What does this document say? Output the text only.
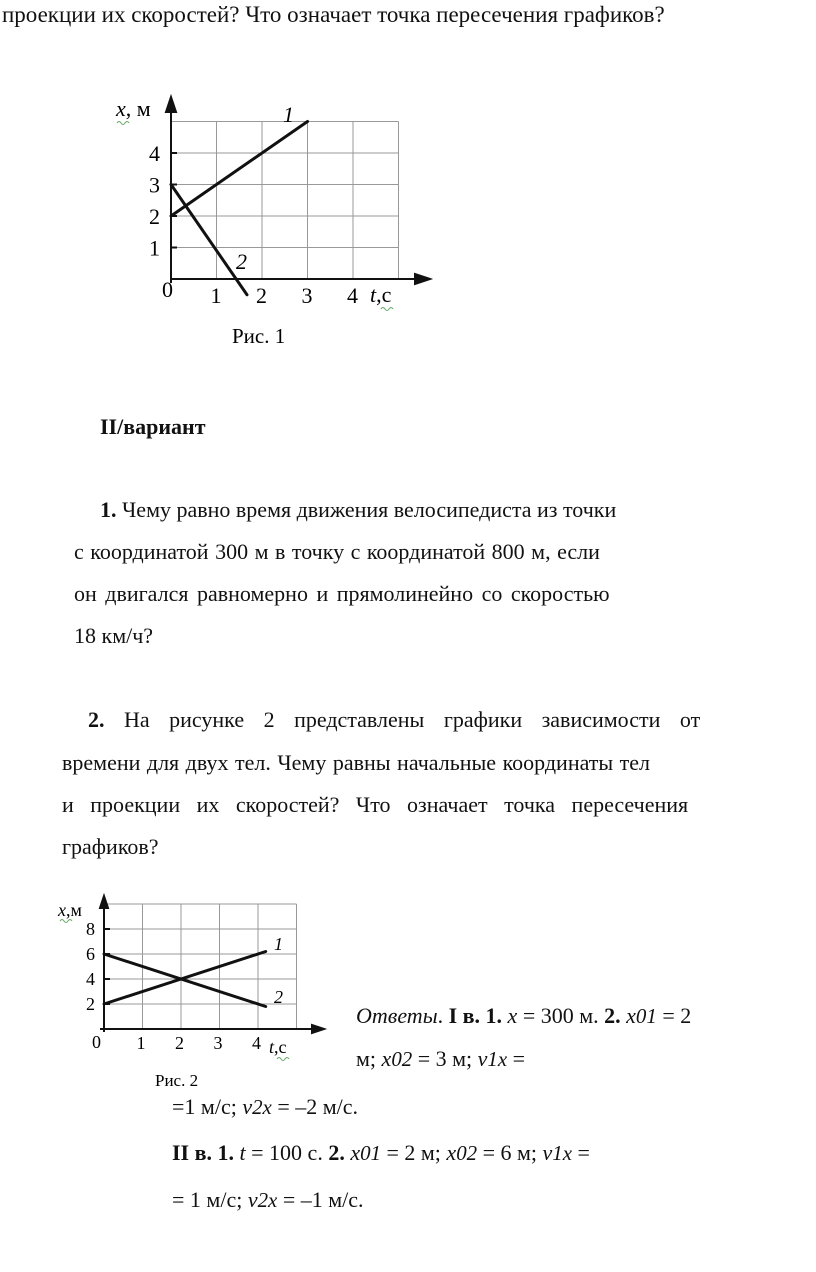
проекции их скоростей? Что означает точка пересечения графиков?
1 2 3 4
1
2
3
4
0
x, м
t,с
1
2
Рис. 1
1 2 3 4
2
4
6
8
0
x,м
t,с
1
2
Рис. 2
II/вариант
1. Чему равно время движения велосипедиста из точки
с координатой 300 м в точку с координатой 800 м, если
он двигался равномерно и прямолинейно со скоростью
18 км/ч?
2. На рисунке 2 представлены графики зависимости от
времени для двух тел. Чему равны начальные координаты тел
и проекции их скоростей? Что означает точка пересечения
графиков?
Ответы. I в. 1. x = 300 м. 2. x01 = 2
м; x02 = 3 м; v1x =
=1 м/с; v2x = –2 м/с.
II в. 1. t = 100 с. 2. x01 = 2 м; x02 = 6 м; v1x =
= 1 м/с; v2x = –1 м/с.
